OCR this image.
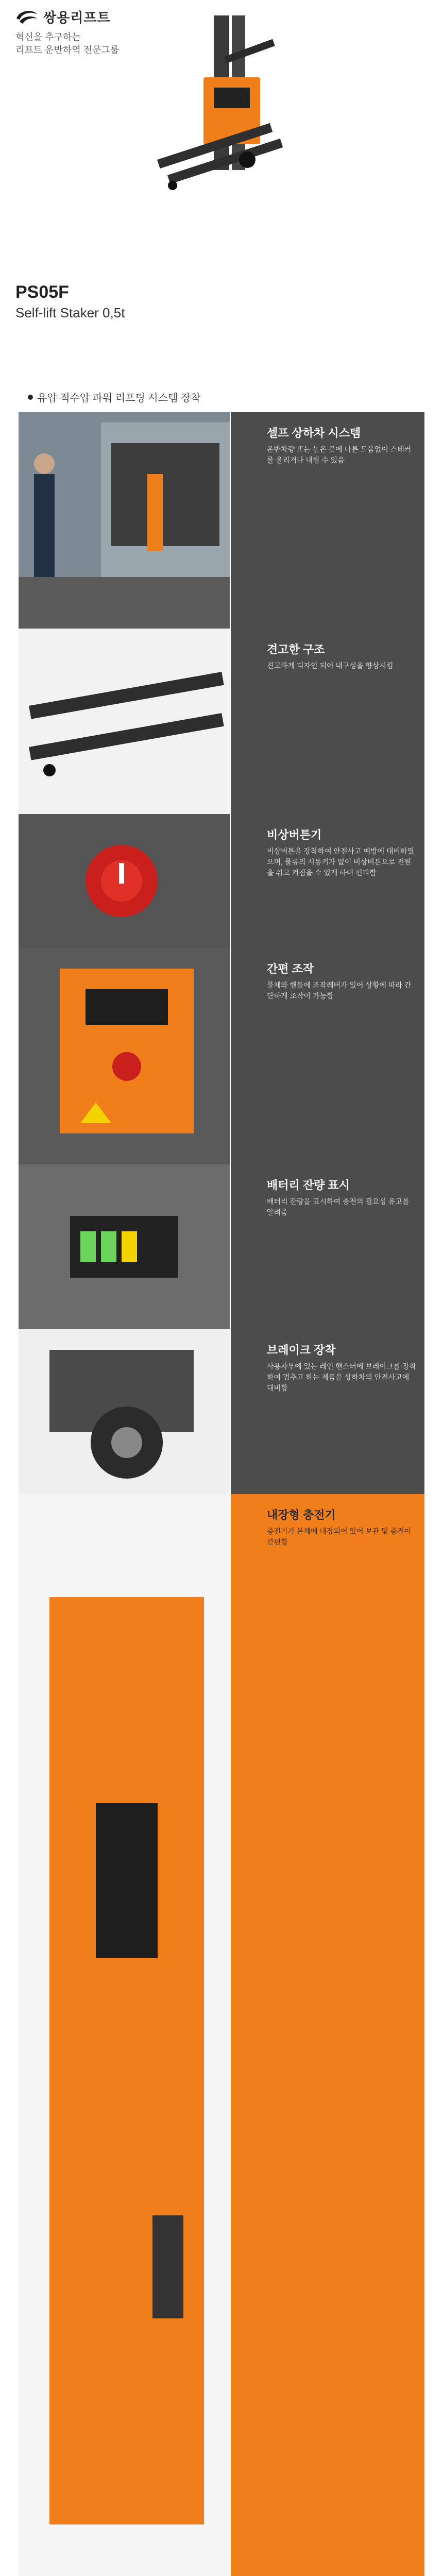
쌍용리프트
혁신을 추구하는
리프트 운반하역 전문그룹
PS05F
Self-lift Staker 0,5t
유압 적수압 파워 리프팅 시스템 장착
셀프 상하차 시스템
운반차량 또는 높은 곳에 다른 도움없이 스테커를 올리거나 내릴 수 있음
견고한 구조
견고하게 디자인 되어 내구성을 향상시킴
비상버튼기
비상버튼을 장착하여 안전사고 예방에 대비하였으며, 물류의 시동키가 없이 비상버튼으로 전원을 쉬고 켜짐을 수 있게 하여 편리함
간편 조작
물체와 핸들에 조작레버가 있어 상황에 따라 간단하게 조작이 가능함
배터리 잔량 표시
배터리 잔량을 표시하여 충전의 필요성 유고를 알려줌
브레이크 장착
사용자부에 있는 레인 핸스터에 브레이크를 장착하여 멈추고 하는 제품을 상하차의 안전사고에 대비함
내장형 충전기
충전기가 본체에 내장되어 있어 보관 및 충전이 간편함
